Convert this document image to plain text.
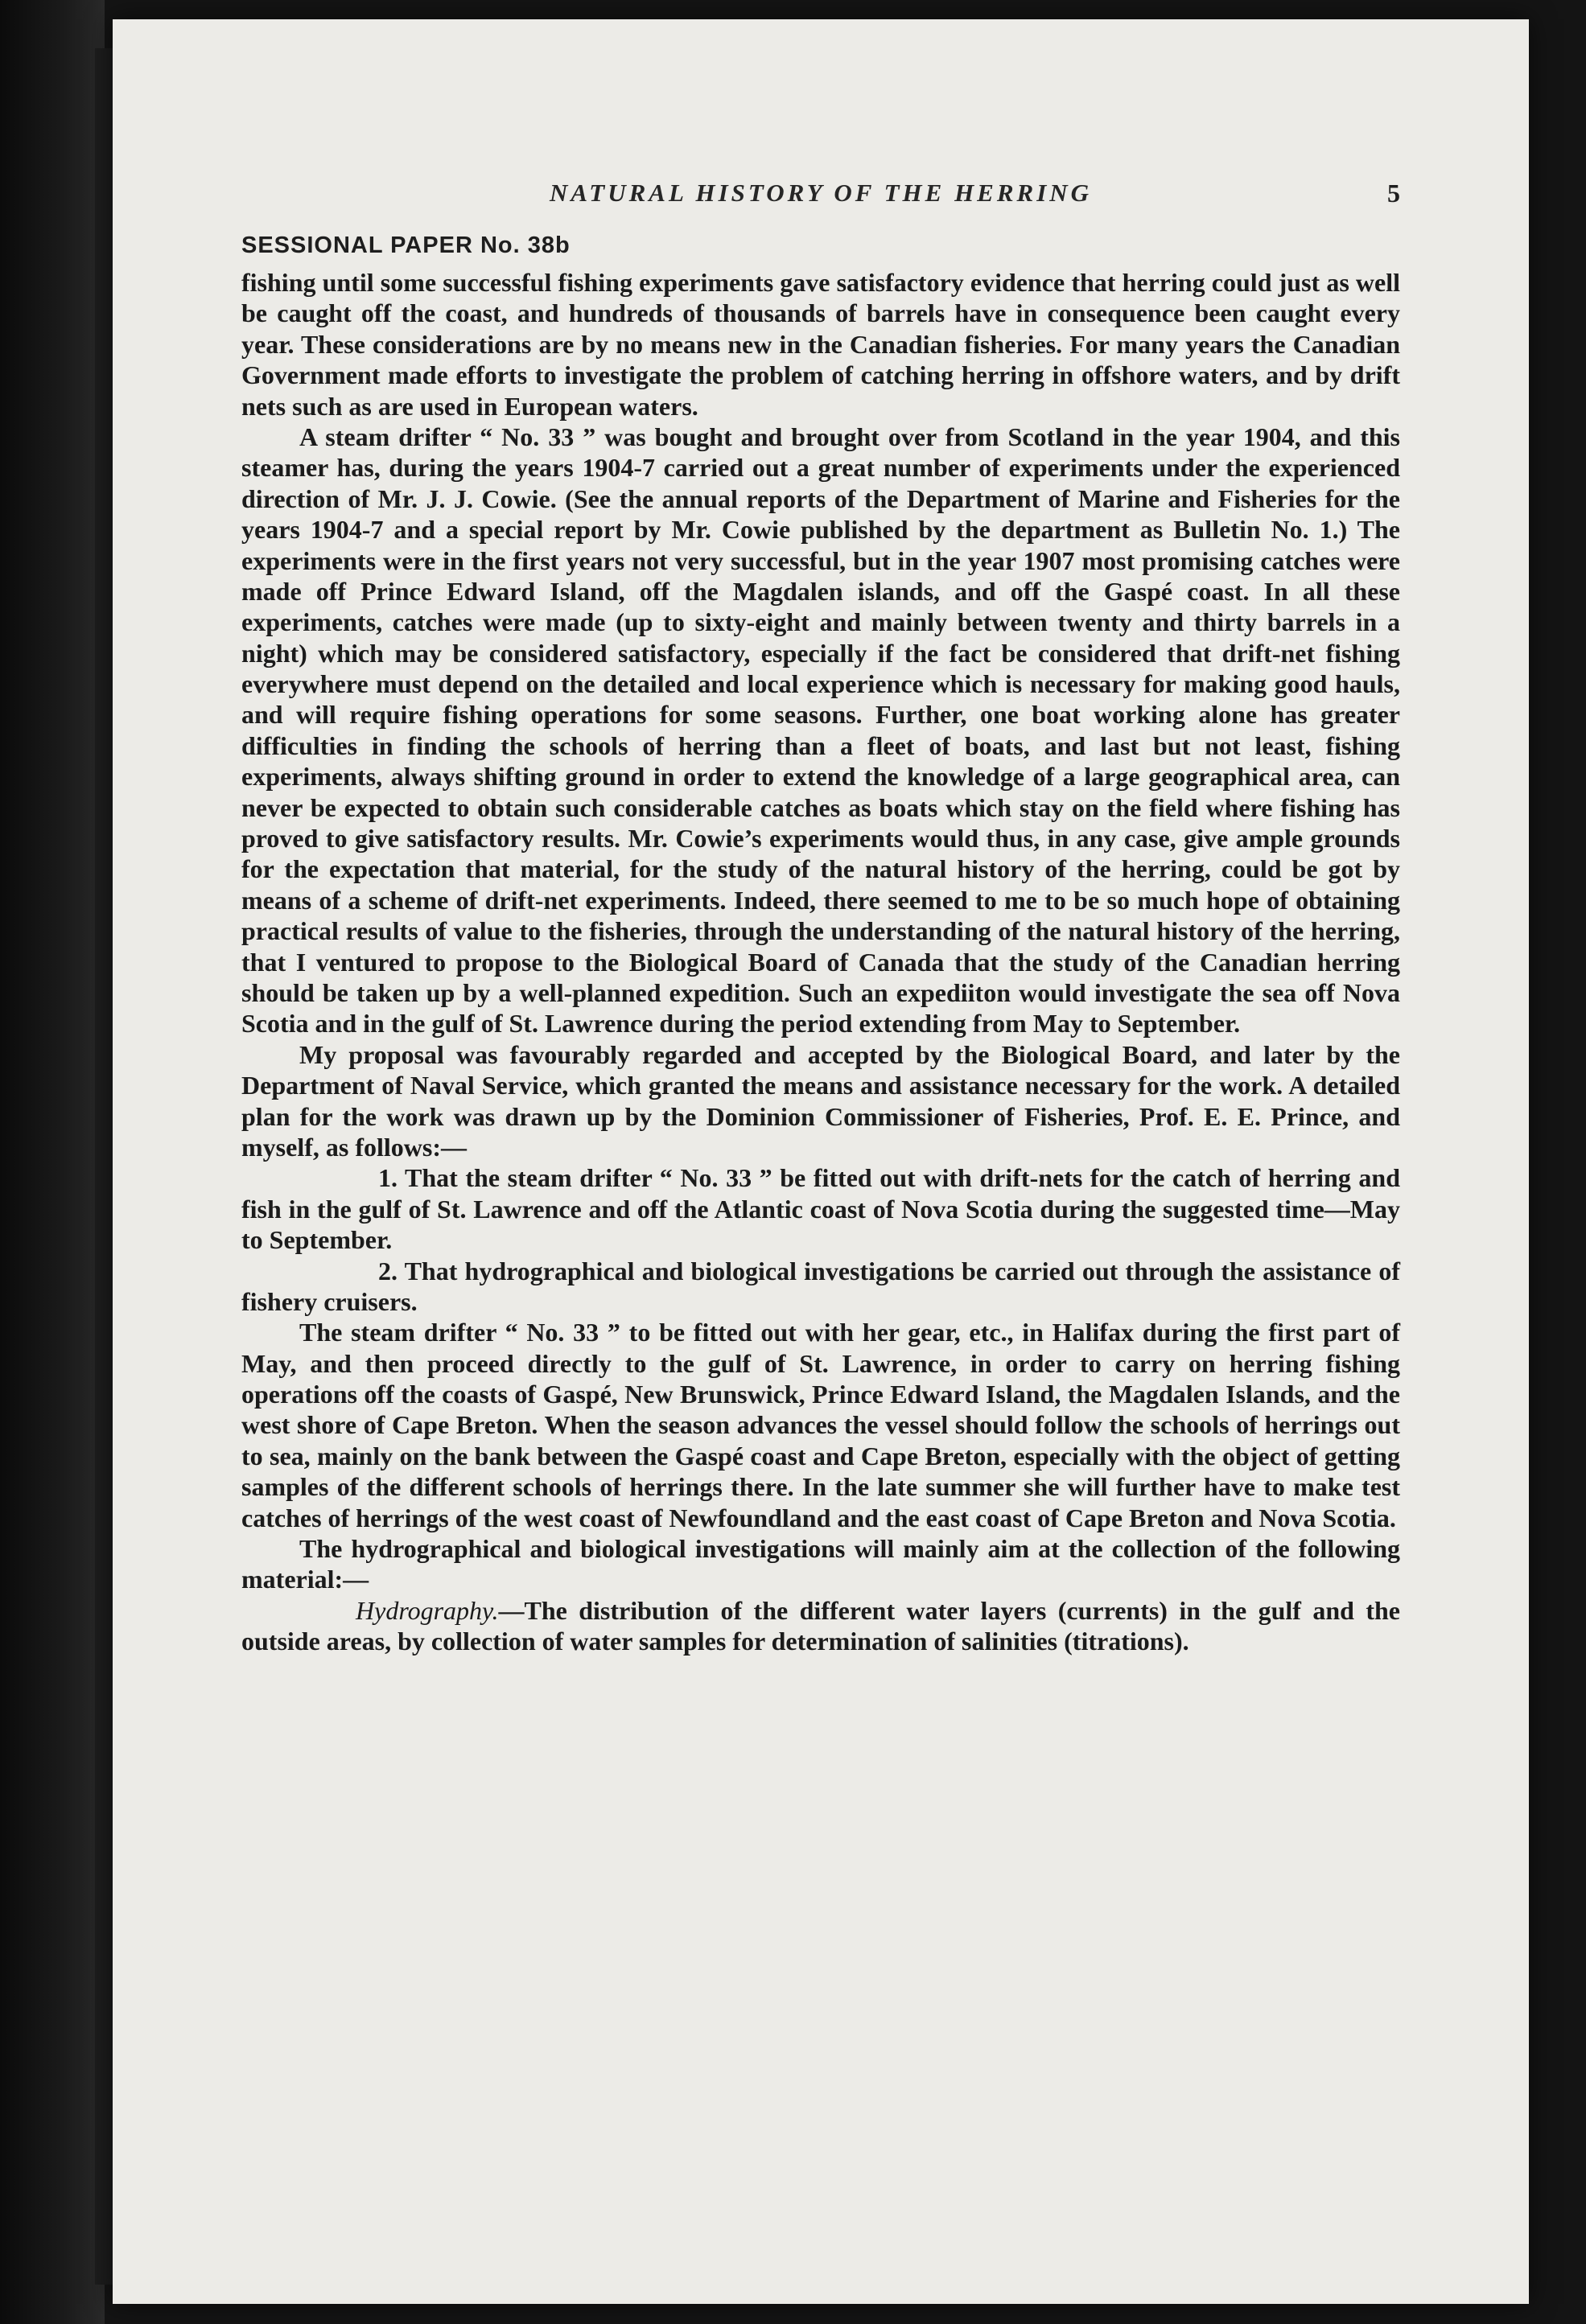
NATURAL HISTORY OF THE HERRING	5
SESSIONAL PAPER No. 38b

fishing until some successful fishing experiments gave satisfactory evidence that herring could just as well be caught off the coast, and hundreds of thousands of barrels have in consequence been caught every year. These considerations are by no means new in the Canadian fisheries. For many years the Canadian Government made efforts to investigate the problem of catching herring in offshore waters, and by drift nets such as are used in European waters.

A steam drifter “ No. 33 ” was bought and brought over from Scotland in the year 1904, and this steamer has, during the years 1904-7 carried out a great number of experiments under the experienced direction of Mr. J. J. Cowie. (See the annual reports of the Department of Marine and Fisheries for the years 1904-7 and a special report by Mr. Cowie published by the department as Bulletin No. 1.) The experiments were in the first years not very successful, but in the year 1907 most promising catches were made off Prince Edward Island, off the Magdalen islands, and off the Gaspé coast. In all these experiments, catches were made (up to sixty-eight and mainly between twenty and thirty barrels in a night) which may be considered satisfactory, especially if the fact be considered that drift-net fishing everywhere must depend on the detailed and local experience which is necessary for making good hauls, and will require fishing operations for some seasons. Further, one boat working alone has greater difficulties in finding the schools of herring than a fleet of boats, and last but not least, fishing experiments, always shifting ground in order to extend the knowledge of a large geographical area, can never be expected to obtain such considerable catches as boats which stay on the field where fishing has proved to give satisfactory results. Mr. Cowie’s experiments would thus, in any case, give ample grounds for the expectation that material, for the study of the natural history of the herring, could be got by means of a scheme of drift-net experiments. Indeed, there seemed to me to be so much hope of obtaining practical results of value to the fisheries, through the understanding of the natural history of the herring, that I ventured to propose to the Biological Board of Canada that the study of the Canadian herring should be taken up by a well-planned expedition. Such an expediiton would investigate the sea off Nova Scotia and in the gulf of St. Lawrence during the period extending from May to September.

My proposal was favourably regarded and accepted by the Biological Board, and later by the Department of Naval Service, which granted the means and assistance necessary for the work. A detailed plan for the work was drawn up by the Dominion Commissioner of Fisheries, Prof. E. E. Prince, and myself, as follows:—

1. That the steam drifter “ No. 33 ” be fitted out with drift-nets for the catch of herring and fish in the gulf of St. Lawrence and off the Atlantic coast of Nova Scotia during the suggested time—May to September.

2. That hydrographical and biological investigations be carried out through the assistance of fishery cruisers.

The steam drifter “ No. 33 ” to be fitted out with her gear, etc., in Halifax during the first part of May, and then proceed directly to the gulf of St. Lawrence, in order to carry on herring fishing operations off the coasts of Gaspé, New Brunswick, Prince Edward Island, the Magdalen Islands, and the west shore of Cape Breton. When the season advances the vessel should follow the schools of herrings out to sea, mainly on the bank between the Gaspé coast and Cape Breton, especially with the object of getting samples of the different schools of herrings there. In the late summer she will further have to make test catches of herrings of the west coast of Newfoundland and the east coast of Cape Breton and Nova Scotia.

The hydrographical and biological investigations will mainly aim at the collection of the following material:—

Hydrography.—The distribution of the different water layers (currents) in the gulf and the outside areas, by collection of water samples for determination of salinities (titrations).
